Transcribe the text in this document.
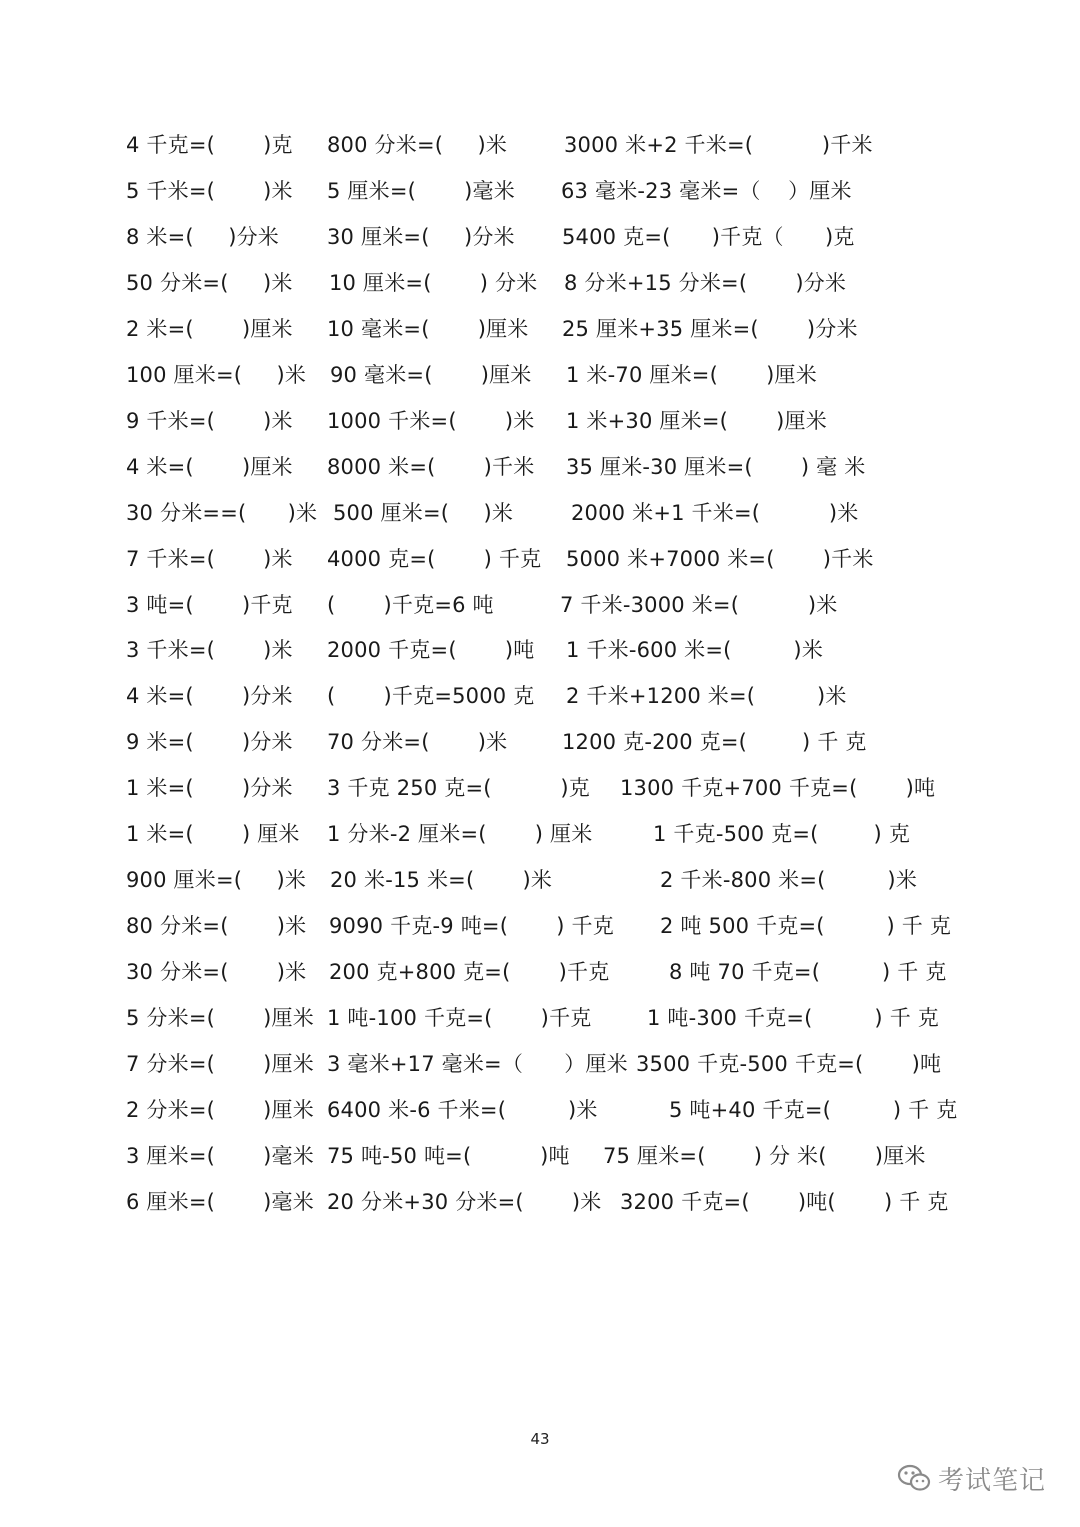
4 千克=(       )克 800 分米=(     )米	3000 米+2 千米=(          )千米
5 千米=(       )米 5 厘米=(       )毫米 63 毫米-23 毫米=（    ）厘米
8 米=(     )分米 30 厘米=(     )分米 5400 克=(      )千克（      )克
50 分米=(     )米 10 厘米=(       ) 分米 8 分米+15 分米=(       )分米
2 米=(       )厘米 10 毫米=(       )厘米 25 厘米+35 厘米=(       )分米
100 厘米=(     )米 90 毫米=(       )厘米 1 米-70 厘米=(       )厘米
9 千米=(       )米 1000 千米=(       )米 1 米+30 厘米=(       )厘米
4 米=(       )厘米 8000 米=(       )千米 35 厘米-30 厘米=(       ) 毫 米
30 分米==(      )米 500 厘米=(     )米	2000 米+1 千米=(          )米
7 千米=(       )米 4000 克=(       ) 千克 5000 米+7000 米=(       )千米
3 吨=(       )千克 (       )千克=6 吨	7 千米-3000 米=(          )米
3 千米=(       )米 2000 千克=(       )吨 1 千米-600 米=(         )米
4 米=(       )分米 (       )千克=5000 克 2 千米+1200 米=(         )米
9 米=(       )分米 70 分米=(       )米	1200 克-200 克=(        ) 千 克
1 米=(       )分米 3 千克 250 克=(          )克 1300 千克+700 千克=(       )吨
1 米=(       ) 厘米 1 分米-2 厘米=(       ) 厘米	1 千克-500 克=(        ) 克
900 厘米=(     )米 20 米-15 米=(       )米	2 千米-800 米=(         )米
80 分米=(       )米 9090 千克-9 吨=(       ) 千克 2 吨 500 千克=(         ) 千 克
30 分米=(       )米 200 克+800 克=(       )千克	8 吨 70 千克=(         ) 千 克
5 分米=(       )厘米 1 吨-100 千克=(       )千克	1 吨-300 千克=(         ) 千 克
7 分米=(       )厘米 3 毫米+17 毫米=（      ）厘米 3500 千克-500 千克=(       )吨
2 分米=(       )厘米 6400 米-6 千米=(         )米	5 吨+40 千克=(         ) 千 克
3 厘米=(       )毫米 75 吨-50 吨=(          )吨 75 厘米=(       ) 分 米(       )厘米
6 厘米=(       )毫米 20 分米+30 分米=(       )米 3200 千克=(       )吨(       ) 千 克
43
考试笔记
